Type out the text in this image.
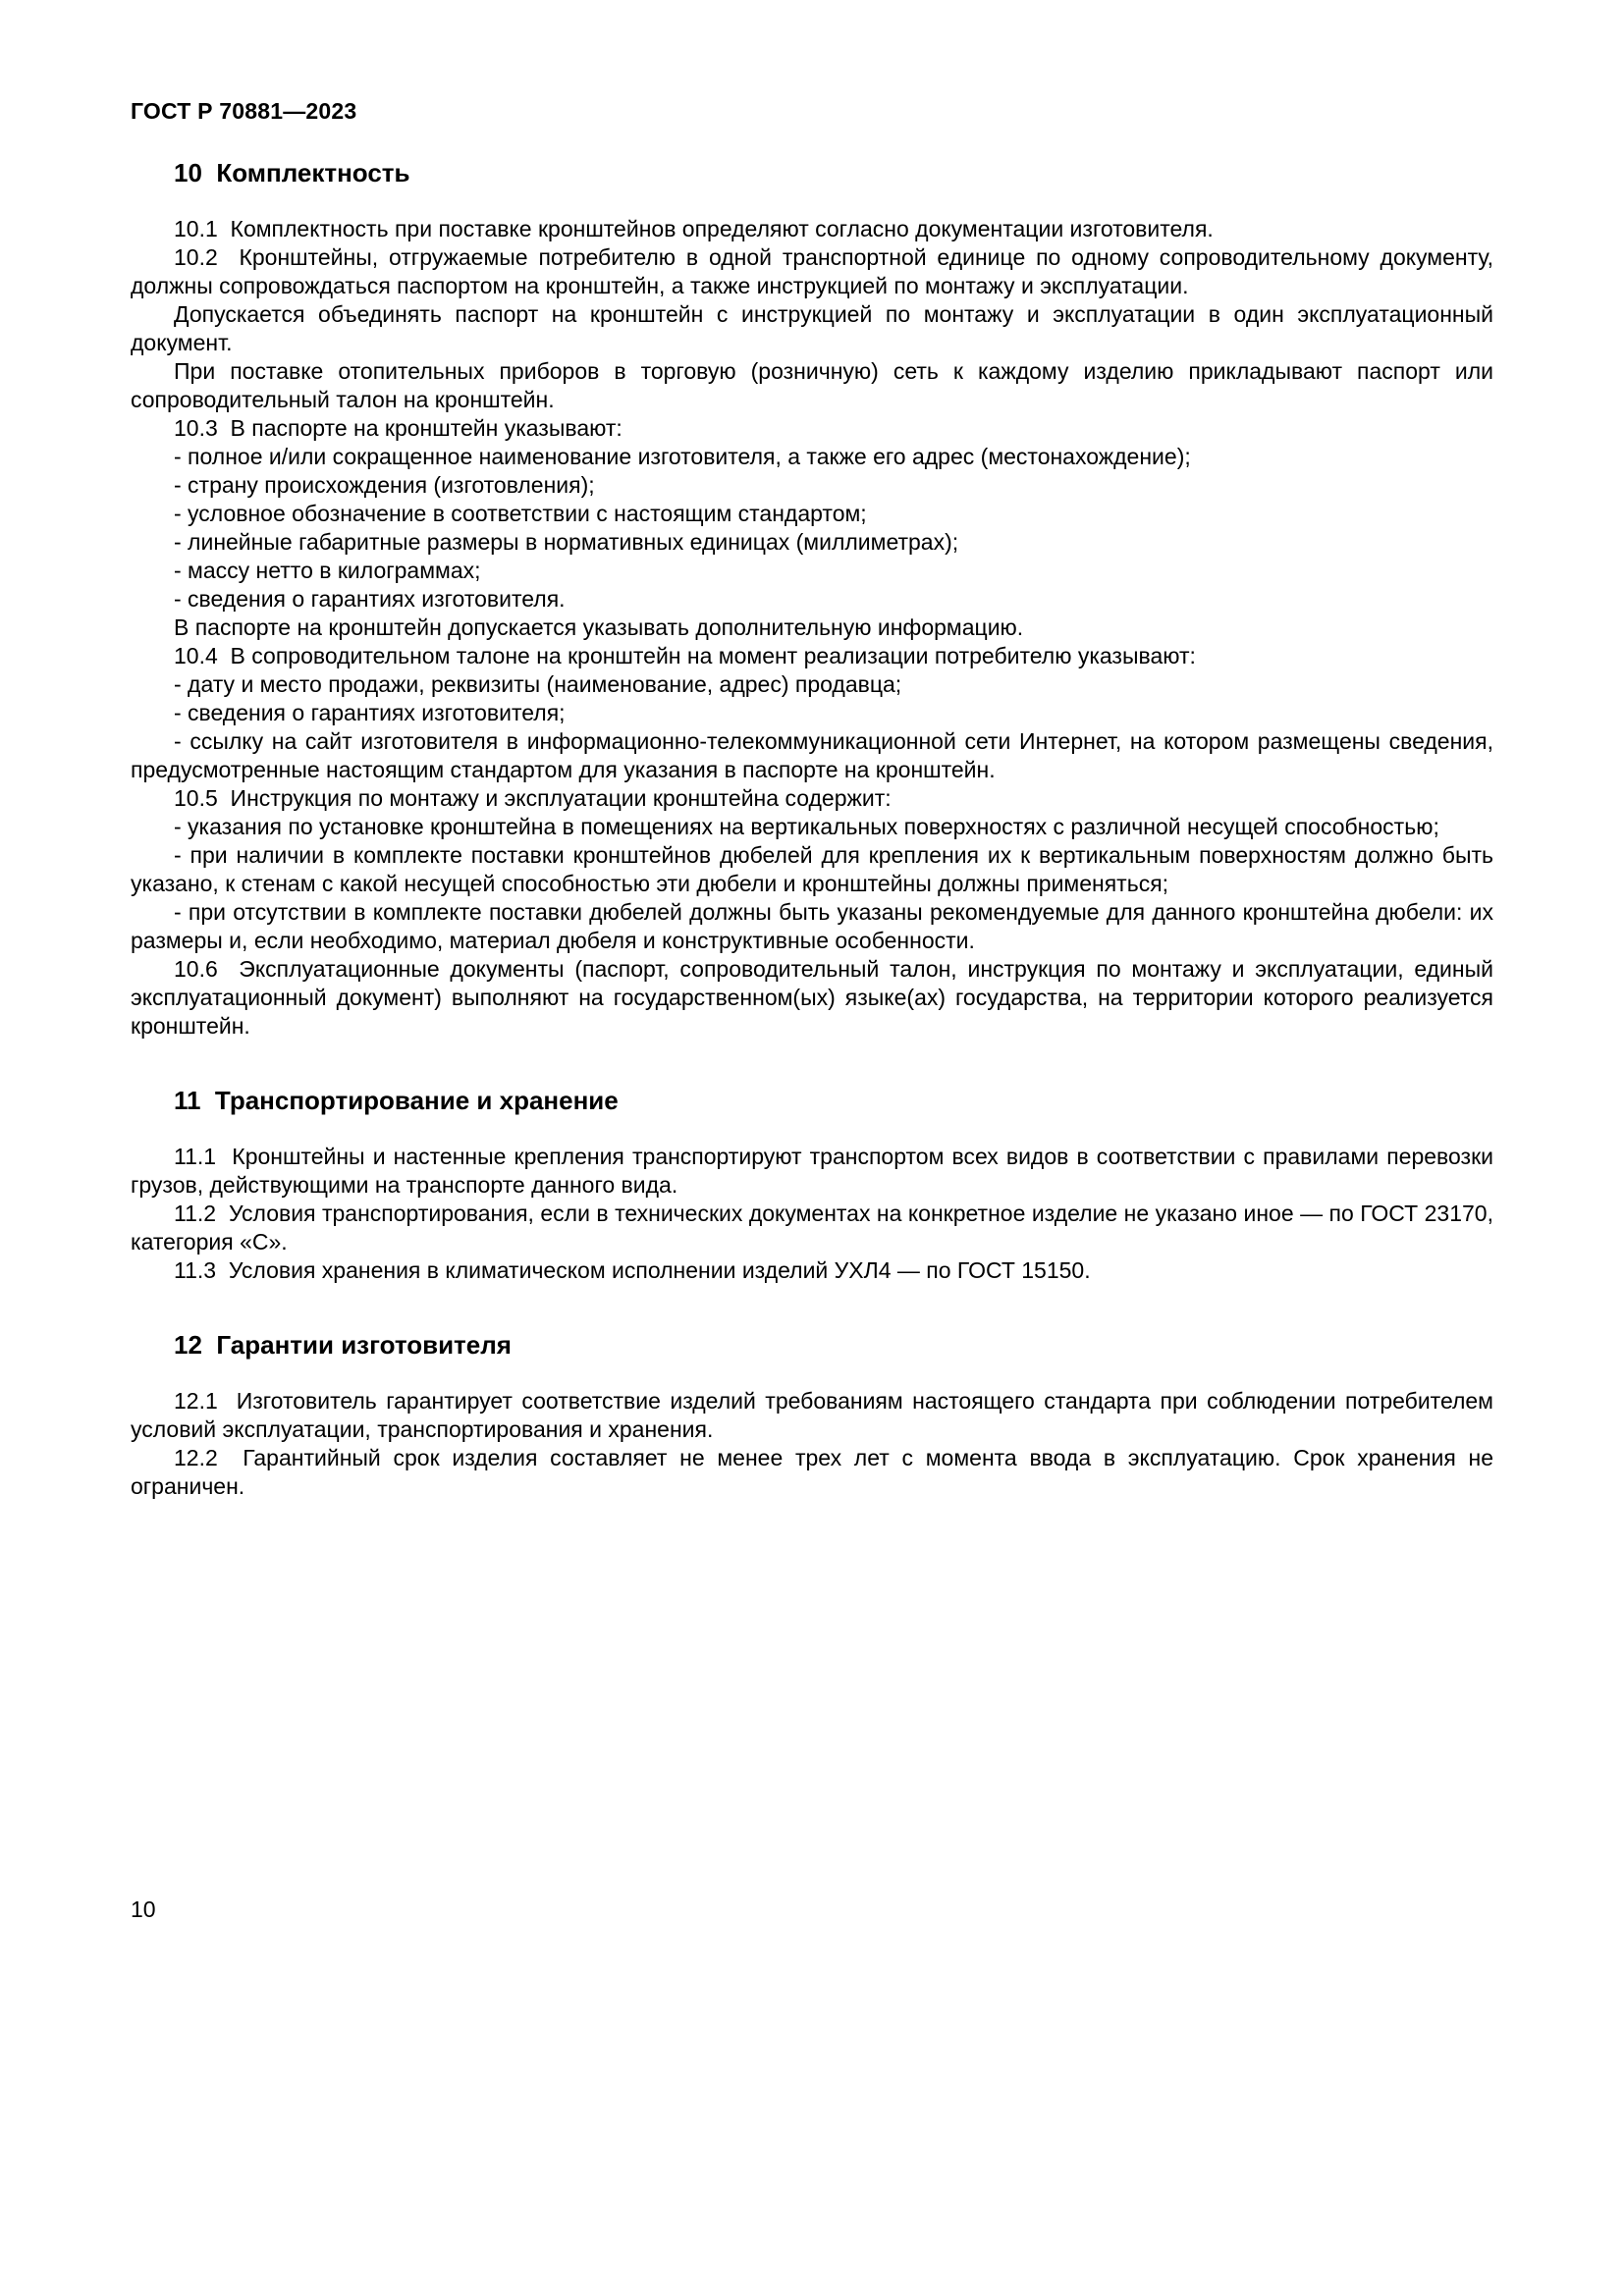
ГОСТ Р 70881—2023
10  Комплектность

10.1  Комплектность при поставке кронштейнов определяют согласно документации изготовителя.

10.2  Кронштейны, отгружаемые потребителю в одной транспортной единице по одному сопроводительному документу, должны сопровождаться паспортом на кронштейн, а также инструкцией по монтажу и эксплуатации.

Допускается объединять паспорт на кронштейн с инструкцией по монтажу и эксплуатации в один эксплуатационный документ.

При поставке отопительных приборов в торговую (розничную) сеть к каждому изделию прикладывают паспорт или сопроводительный талон на кронштейн.

10.3  В паспорте на кронштейн указывают:

- полное и/или сокращенное наименование изготовителя, а также его адрес (местонахождение);

- страну происхождения (изготовления);

- условное обозначение в соответствии с настоящим стандартом;

- линейные габаритные размеры в нормативных единицах (миллиметрах);

- массу нетто в килограммах;

- сведения о гарантиях изготовителя.

В паспорте на кронштейн допускается указывать дополнительную информацию.

10.4  В сопроводительном талоне на кронштейн на момент реализации потребителю указывают:

- дату и место продажи, реквизиты (наименование, адрес) продавца;

- сведения о гарантиях изготовителя;

- ссылку на сайт изготовителя в информационно-телекоммуникационной сети Интернет, на котором размещены сведения, предусмотренные настоящим стандартом для указания в паспорте на кронштейн.

10.5  Инструкция по монтажу и эксплуатации кронштейна содержит:

- указания по установке кронштейна в помещениях на вертикальных поверхностях с различной несущей способностью;

- при наличии в комплекте поставки кронштейнов дюбелей для крепления их к вертикальным поверхностям должно быть указано, к стенам с какой несущей способностью эти дюбели и кронштейны должны применяться;

- при отсутствии в комплекте поставки дюбелей должны быть указаны рекомендуемые для данного кронштейна дюбели: их размеры и, если необходимо, материал дюбеля и конструктивные особенности.

10.6  Эксплуатационные документы (паспорт, сопроводительный талон, инструкция по монтажу и эксплуатации, единый эксплуатационный документ) выполняют на государственном(ых) языке(ах) государства, на территории которого реализуется кронштейн.

11  Транспортирование и хранение

11.1  Кронштейны и настенные крепления транспортируют транспортом всех видов в соответствии с правилами перевозки грузов, действующими на транспорте данного вида.

11.2  Условия транспортирования, если в технических документах на конкретное изделие не указано иное — по ГОСТ 23170, категория «С».

11.3  Условия хранения в климатическом исполнении изделий УХЛ4 — по ГОСТ 15150.

12  Гарантии изготовителя

12.1  Изготовитель гарантирует соответствие изделий требованиям настоящего стандарта при соблюдении потребителем условий эксплуатации, транспортирования и хранения.

12.2  Гарантийный срок изделия составляет не менее трех лет с момента ввода в эксплуатацию. Срок хранения не ограничен.

10
